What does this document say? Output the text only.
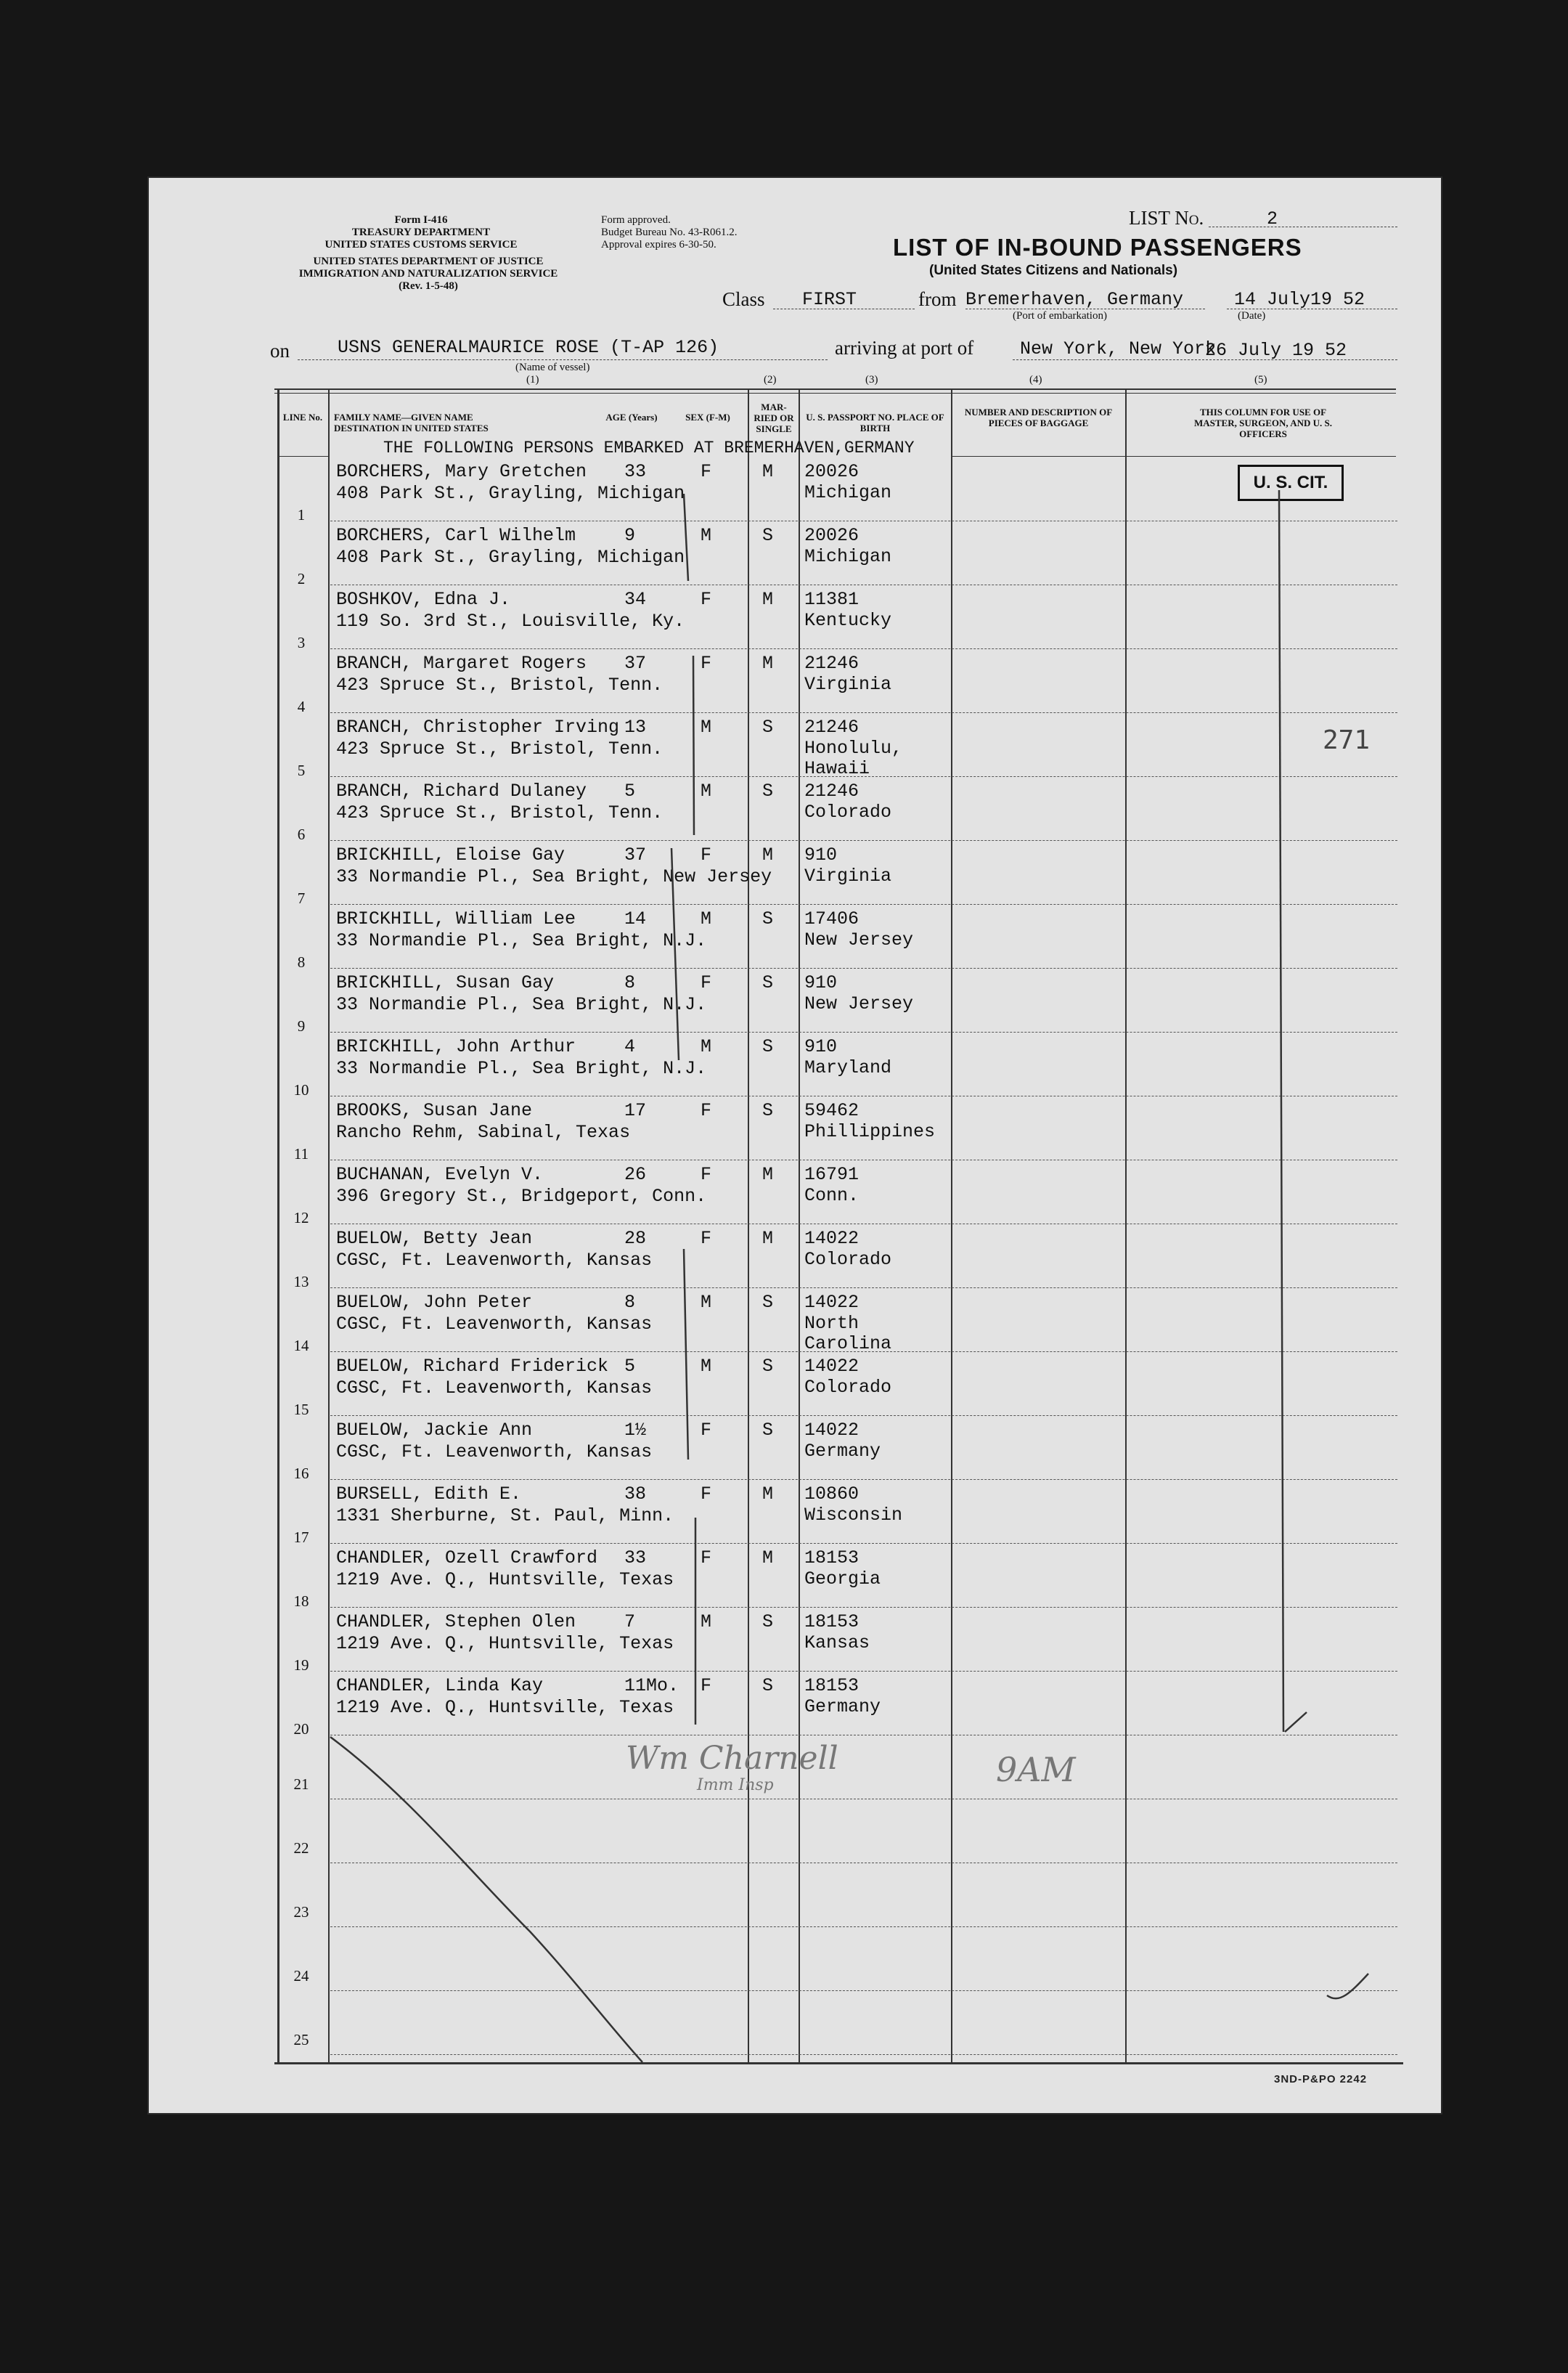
Form I-416
TREASURY DEPARTMENT
UNITED STATES CUSTOMS SERVICE
UNITED STATES DEPARTMENT OF JUSTICE
IMMIGRATION AND NATURALIZATION SERVICE
(Rev. 1-5-48)
Form approved.
Budget Bureau No. 43-R061.2.
Approval expires 6-30-50.
LIST No.	2
LIST OF IN-BOUND PASSENGERS
(United States Citizens and Nationals)
Class FIRST	from Bremerhaven, Germany
(Port of embarkation)
14 July19 52
(Date)
on	USNS GENERALMAURICE ROSE (T-AP 126)
(Name of vessel)
arriving at port of	New York, New York
26 July 19 52
(1)	(2)	(3)	(4)	(5)
LINE No.	FAMILY NAME—GIVEN NAME DESTINATION IN UNITED STATES
AGE (Years)	SEX (F-M)
MAR- RIED OR SINGLE
U. S. PASSPORT NO. PLACE OF BIRTH
NUMBER AND DESCRIPTION OF PIECES OF BAGGAGE
THIS COLUMN FOR USE OF MASTER, SURGEON, AND U. S. OFFICERS
THE FOLLOWING PERSONS EMBARKED AT BREMERHAVEN,GERMANY
1
BORCHERS, Mary Gretchen 33	F	M 20026
408 Park St., Grayling, Michigan	Michigan
2
BORCHERS, Carl Wilhelm	9	M	S 20026
408 Park St., Grayling, Michigan	Michigan
3
BOSHKOV, Edna J.	34	F	M 11381
119 So. 3rd St., Louisville, Ky.	Kentucky
4
BRANCH, Margaret Rogers 37	F	M 21246
423 Spruce St., Bristol, Tenn.	Virginia
5
BRANCH, Christopher Irving 13	M	S 21246
423 Spruce St., Bristol, Tenn.	Honolulu, Hawaii
6
BRANCH, Richard Dulaney 5	M	S 21246
423 Spruce St., Bristol, Tenn.	Colorado
7
BRICKHILL, Eloise Gay	37	F	M 910
33 Normandie Pl., Sea Bright, New Jersey Virginia
8
BRICKHILL, William Lee	14	M	S 17406
33 Normandie Pl., Sea Bright, N.J.	New Jersey
9
BRICKHILL, Susan Gay	8	F	S 910
33 Normandie Pl., Sea Bright, N.J.	New Jersey
10
BRICKHILL, John Arthur	4	M	S 910
33 Normandie Pl., Sea Bright, N.J.	Maryland
11
BROOKS, Susan Jane	17	F	S 59462
Rancho Rehm, Sabinal, Texas	Phillippines
12
BUCHANAN, Evelyn V.	26	F	M 16791
396 Gregory St., Bridgeport, Conn.	Conn.
13
BUELOW, Betty Jean	28	F	M 14022
CGSC, Ft. Leavenworth, Kansas	Colorado
14
BUELOW, John Peter	8	M	S 14022
CGSC, Ft. Leavenworth, Kansas	North Carolina
15
BUELOW, Richard Friderick 5	M	S 14022
CGSC, Ft. Leavenworth, Kansas	Colorado
16
BUELOW, Jackie Ann	1½	F	S 14022
CGSC, Ft. Leavenworth, Kansas	Germany
17
BURSELL, Edith E.	38	F	M 10860
1331 Sherburne, St. Paul, Minn.	Wisconsin
18
CHANDLER, Ozell Crawford 33	F	M 18153
1219 Ave. Q., Huntsville, Texas	Georgia
19
CHANDLER, Stephen Olen	7	M	S 18153
1219 Ave. Q., Huntsville, Texas	Kansas
20
CHANDLER, Linda Kay	11Mo. F	S 18153
1219 Ave. Q., Huntsville, Texas	Germany
21
22
23
24
25
U. S. CIT.
271
Wm Charnell
Imm Insp	9AM
3ND-P&PO 2242
